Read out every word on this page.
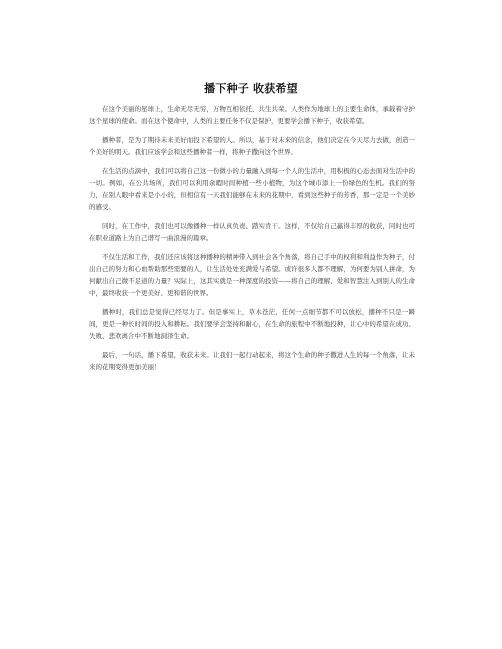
播下种子 收获希望

在这个美丽的星球上，生命无尽无穷，万物互相依托、共生共荣。人类作为地球上的主要生命体，承载着守护这个星球的使命。而在这个使命中，人类的主要任务不仅是保护，更要学会播下种子，收获希望。

播种者，是为了期待未来美好而投下希望的人。所以，基于对未来的信念，他们决定在今天尽力去做，创造一个美好的明天。我们应该学会和这些播种者一样，将种子撒向这个世界。

在生活的点滴中，我们可以将自己这一份微小的力量融入到每一个人的生活中，用积极的心态去面对生活中的一切。例如，在公共场所，我们可以利用余暇时间种植一些小植物，为这个城市添上一份绿色的生机。我们的努力，在别人眼中看来是小小的，但相信有一天我们能够在未来的花期中，看到这些种子的芳香，那一定是一个美妙的感受。

同时，在工作中，我们也可以像播种一样认真负责、踏实肯干。这样，不仅给自己赢得丰厚的收获，同时也可在职业道路上为自己谱写一曲浪漫的篇章。

不仅生活和工作，我们还应该将这种播种的精神带入到社会各个角落，将自己手中的权利和利益作为种子，付出自己的努力和心血帮助那些需要的人，让生活处处充满爱与希望。或许很多人都不理解，为何要为别人拼命，为何献出自己微不足道的力量？实际上，这其实就是一种深度的投资——将自己的理解、爱和智慧注入到别人的生命中，最终收获一个更美好、更和谐的世界。

播种时，我们总是觉得已经尽力了。但是事实上，草木苍茫，任何一点细节都不可以放松，播种不只是一瞬间，更是一种长时间的投入和耕耘。我们要学会坚持和耐心，在生命的旅程中不断地投种，让心中的希望在成功、失败、悲欢离合中不断地洞泽生命。

最后，一句话，播下希望，收获未来。让我们一起行动起来，将这个生命的种子撒进人生的每一个角落，让未来的花期变得更加美丽！
